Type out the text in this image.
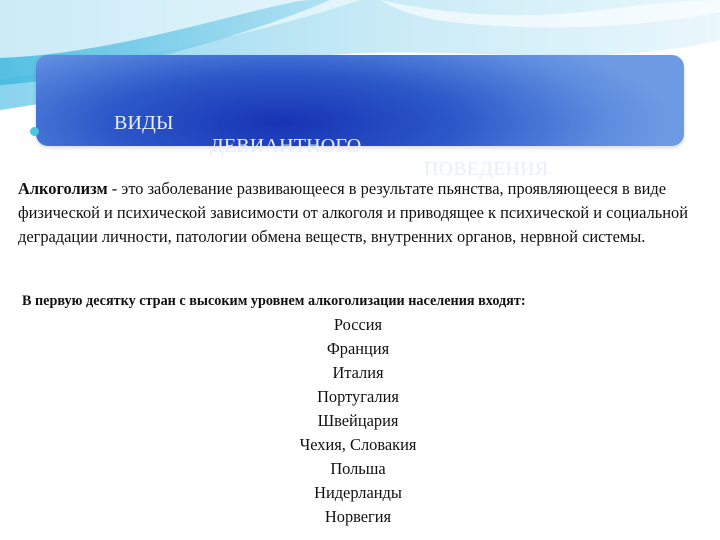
ВИДЫ

ДЕВИАНТНОГО

ПОВЕДЕНИЯ

Алкоголизм - это заболевание развивающееся в результате пьянства, проявляющееся в виде физической и психической зависимости от алкоголя и приводящее к психической и социальной деградации личности, патологии обмена веществ, внутренних органов, нервной системы.

В первую десятку стран с высоким уровнем алкоголизации населения входят:

Россия
Франция
Италия
Португалия
Швейцария
Чехия, Словакия
Польша
Нидерланды
Норвегия
